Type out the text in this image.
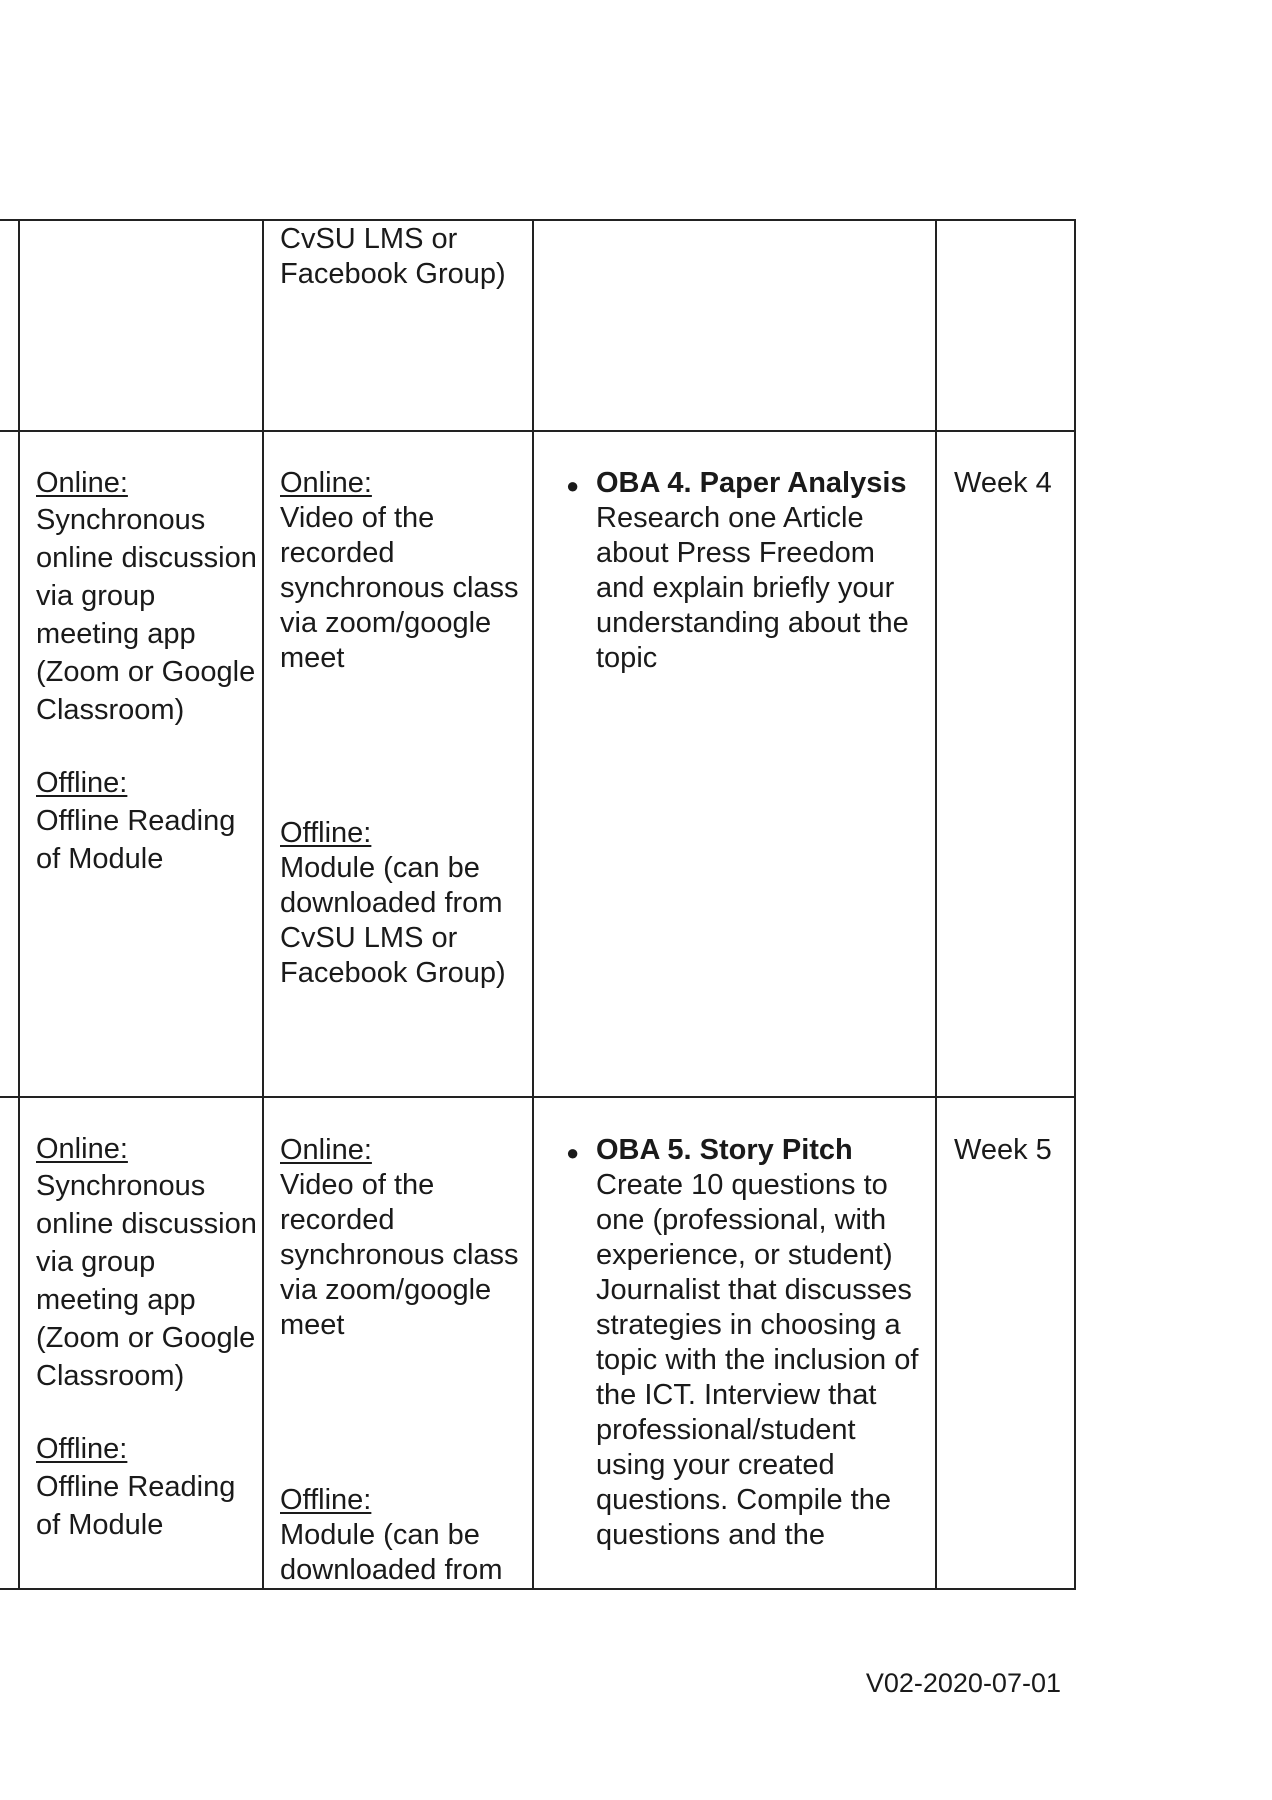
CvSU LMS or Facebook Group)
Online:
Synchronous online discussion via group meeting app (Zoom or Google Classroom)
Offline:
Offline Reading of Module
Online:
Video of the recorded synchronous class via zoom/google meet
Offline:
Module (can be downloaded from CvSU LMS or Facebook Group)
● OBA 4. Paper Analysis
Research one Article about Press Freedom and explain briefly your understanding about the topic
Week 4
Online:
Synchronous online discussion via group meeting app (Zoom or Google Classroom)
Offline:
Offline Reading of Module
Online:
Video of the recorded synchronous class via zoom/google meet
Offline:
Module (can be downloaded from
● OBA 5. Story Pitch
Create 10 questions to one (professional, with experience, or student) Journalist that discusses strategies in choosing a topic with the inclusion of the ICT. Interview that professional/student using your created questions. Compile the questions and the
Week 5
V02-2020-07-01
